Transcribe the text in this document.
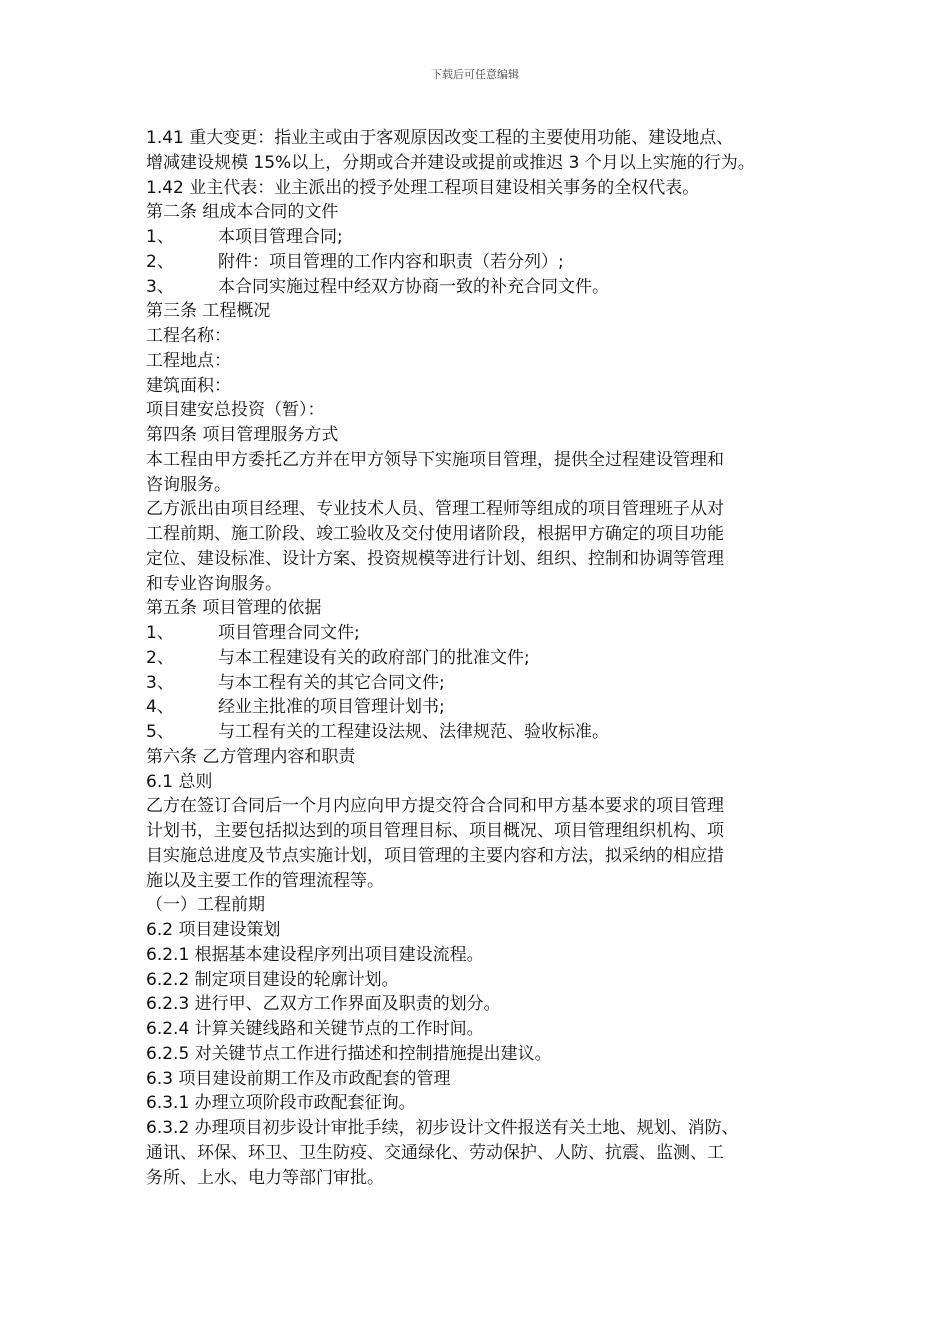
下载后可任意编辑
1.41 重大变更：指业主或由于客观原因改变工程的主要使用功能、建设地点、
增减建设规模 15%以上，分期或合并建设或提前或推迟 3 个月以上实施的行为。
1.42 业主代表：业主派出的授予处理工程项目建设相关事务的全权代表。
第二条 组成本合同的文件
1、	本项目管理合同;
2、	附件：项目管理的工作内容和职责（若分列）;
3、	本合同实施过程中经双方协商一致的补充合同文件。
第三条 工程概况
工程名称：
工程地点：
建筑面积：
项目建安总投资（暂）：
第四条 项目管理服务方式
本工程由甲方委托乙方并在甲方领导下实施项目管理，提供全过程建设管理和
咨询服务。
乙方派出由项目经理、专业技术人员、管理工程师等组成的项目管理班子从对
工程前期、施工阶段、竣工验收及交付使用诸阶段，根据甲方确定的项目功能
定位、建设标准、设计方案、投资规模等进行计划、组织、控制和协调等管理
和专业咨询服务。
第五条 项目管理的依据
1、	项目管理合同文件;
2、	与本工程建设有关的政府部门的批准文件;
3、	与本工程有关的其它合同文件;
4、	经业主批准的项目管理计划书;
5、	与工程有关的工程建设法规、法律规范、验收标准。
第六条 乙方管理内容和职责
6.1 总则
乙方在签订合同后一个月内应向甲方提交符合合同和甲方基本要求的项目管理
计划书，主要包括拟达到的项目管理目标、项目概况、项目管理组织机构、项
目实施总进度及节点实施计划，项目管理的主要内容和方法，拟采纳的相应措
施以及主要工作的管理流程等。
（一）工程前期
6.2 项目建设策划
6.2.1 根据基本建设程序列出项目建设流程。
6.2.2 制定项目建设的轮廓计划。
6.2.3 进行甲、乙双方工作界面及职责的划分。
6.2.4 计算关键线路和关键节点的工作时间。
6.2.5 对关键节点工作进行描述和控制措施提出建议。
6.3 项目建设前期工作及市政配套的管理
6.3.1 办理立项阶段市政配套征询。
6.3.2 办理项目初步设计审批手续，初步设计文件报送有关土地、规划、消防、
通讯、环保、环卫、卫生防疫、交通绿化、劳动保护、人防、抗震、监测、工
务所、上水、电力等部门审批。
